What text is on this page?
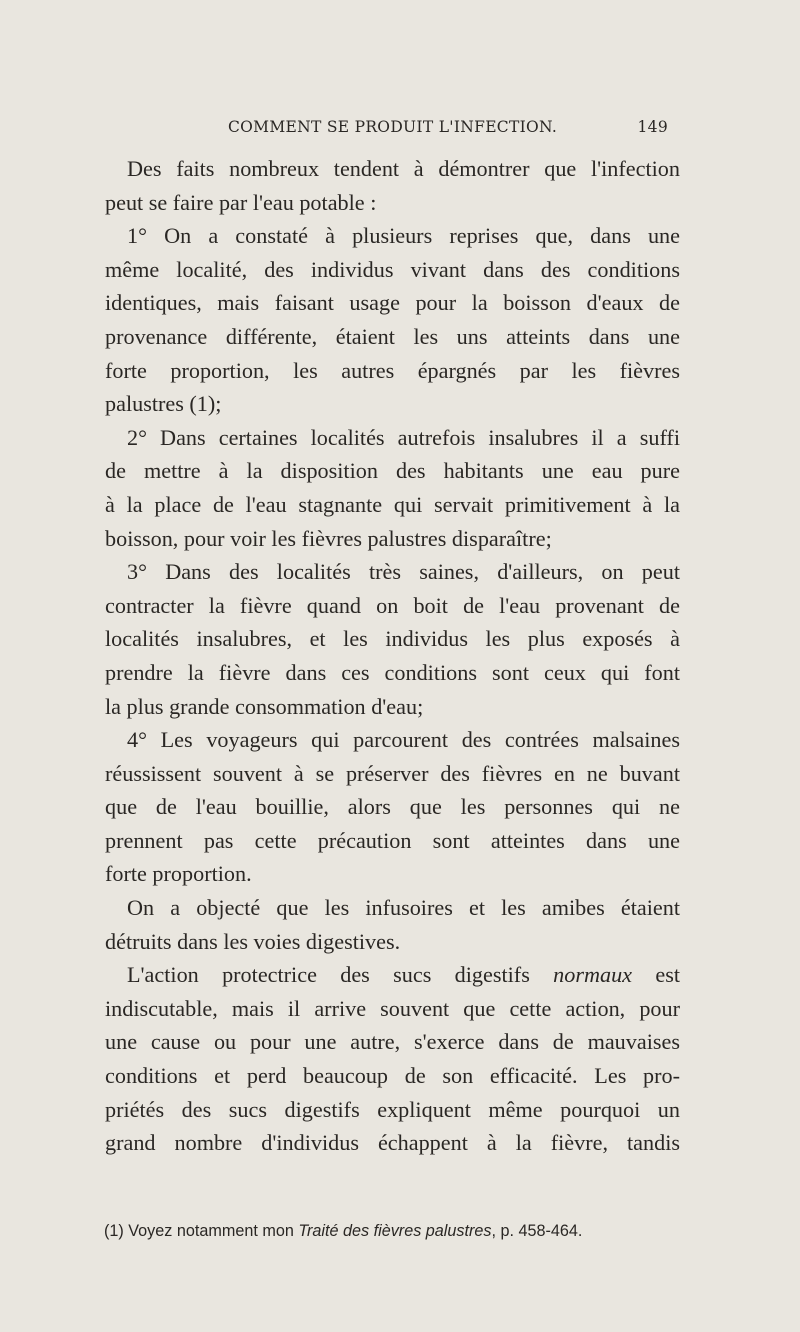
COMMENT SE PRODUIT L'INFECTION.	149
Des faits nombreux tendent à démontrer que l'infection
peut se faire par l'eau potable :
1° On a constaté à plusieurs reprises que, dans une
même localité, des individus vivant dans des conditions
identiques, mais faisant usage pour la boisson d'eaux de
provenance différente, étaient les uns atteints dans une
forte proportion, les autres épargnés par les fièvres
palustres (1);
2° Dans certaines localités autrefois insalubres il a suffi
de mettre à la disposition des habitants une eau pure
à la place de l'eau stagnante qui servait primitivement à la
boisson, pour voir les fièvres palustres disparaître;
3° Dans des localités très saines, d'ailleurs, on peut
contracter la fièvre quand on boit de l'eau provenant de
localités insalubres, et les individus les plus exposés à
prendre la fièvre dans ces conditions sont ceux qui font
la plus grande consommation d'eau;
4° Les voyageurs qui parcourent des contrées malsaines
réussissent souvent à se préserver des fièvres en ne buvant
que de l'eau bouillie, alors que les personnes qui ne
prennent pas cette précaution sont atteintes dans une
forte proportion.
On a objecté que les infusoires et les amibes étaient
détruits dans les voies digestives.
L'action protectrice des sucs digestifs normaux est
indiscutable, mais il arrive souvent que cette action, pour
une cause ou pour une autre, s'exerce dans de mauvaises
conditions et perd beaucoup de son efficacité. Les pro-
priétés des sucs digestifs expliquent même pourquoi un
grand nombre d'individus échappent à la fièvre, tandis
(1) Voyez notamment mon Traité des fièvres palustres, p. 458-464.
